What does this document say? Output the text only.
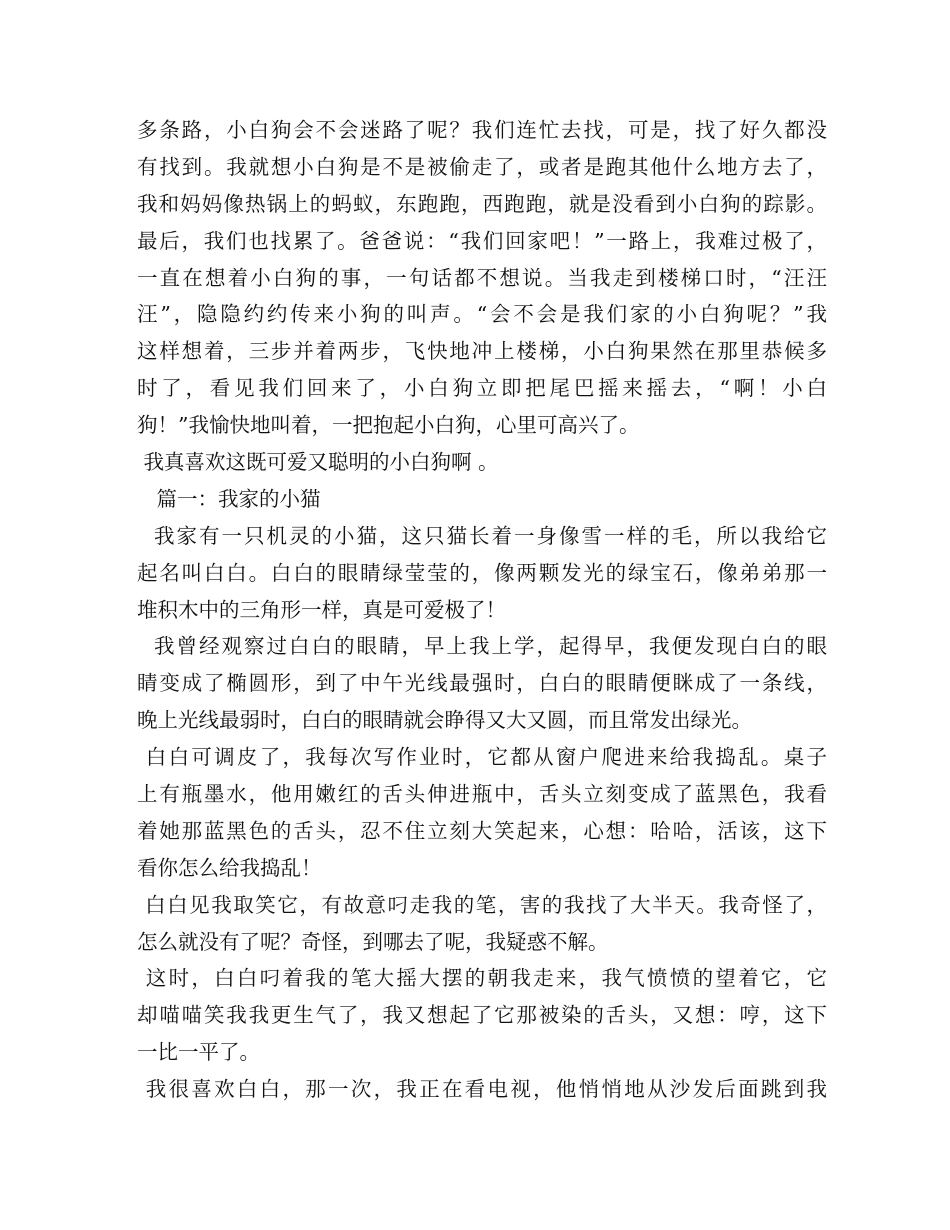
多条路，小白狗会不会迷路了呢？我们连忙去找，可是，找了好久都没
有找到。我就想小白狗是不是被偷走了，或者是跑其他什么地方去了，
我和妈妈像热锅上的蚂蚁，东跑跑，西跑跑，就是没看到小白狗的踪影。
最后，我们也找累了。爸爸说：“我们回家吧！”一路上，我难过极了，
一直在想着小白狗的事，一句话都不想说。当我走到楼梯口时，“汪汪
汪”，隐隐约约传来小狗的叫声。“会不会是我们家的小白狗呢？”我
这样想着，三步并着两步，飞快地冲上楼梯，小白狗果然在那里恭候多
时了，看见我们回来了，小白狗立即把尾巴摇来摇去，“啊！小白
狗！”我愉快地叫着，一把抱起小白狗，心里可高兴了。
我真喜欢这既可爱又聪明的小白狗啊 。
篇一：我家的小猫
我家有一只机灵的小猫，这只猫长着一身像雪一样的毛，所以我给它
起名叫白白。白白的眼睛绿莹莹的，像两颗发光的绿宝石，像弟弟那一
堆积木中的三角形一样，真是可爱极了！
我曾经观察过白白的眼睛，早上我上学，起得早，我便发现白白的眼
睛变成了椭圆形，到了中午光线最强时，白白的眼睛便眯成了一条线，
晚上光线最弱时，白白的眼睛就会睁得又大又圆，而且常发出绿光。
白白可调皮了，我每次写作业时，它都从窗户爬进来给我捣乱。桌子
上有瓶墨水，他用嫩红的舌头伸进瓶中，舌头立刻变成了蓝黑色，我看
着她那蓝黑色的舌头，忍不住立刻大笑起来，心想：哈哈，活该，这下
看你怎么给我捣乱！
白白见我取笑它，有故意叼走我的笔，害的我找了大半天。我奇怪了，
怎么就没有了呢？奇怪，到哪去了呢，我疑惑不解。
这时，白白叼着我的笔大摇大摆的朝我走来，我气愤愤的望着它，它
却喵喵笑我我更生气了，我又想起了它那被染的舌头，又想：哼，这下
一比一平了。
我很喜欢白白，那一次，我正在看电视，他悄悄地从沙发后面跳到我
